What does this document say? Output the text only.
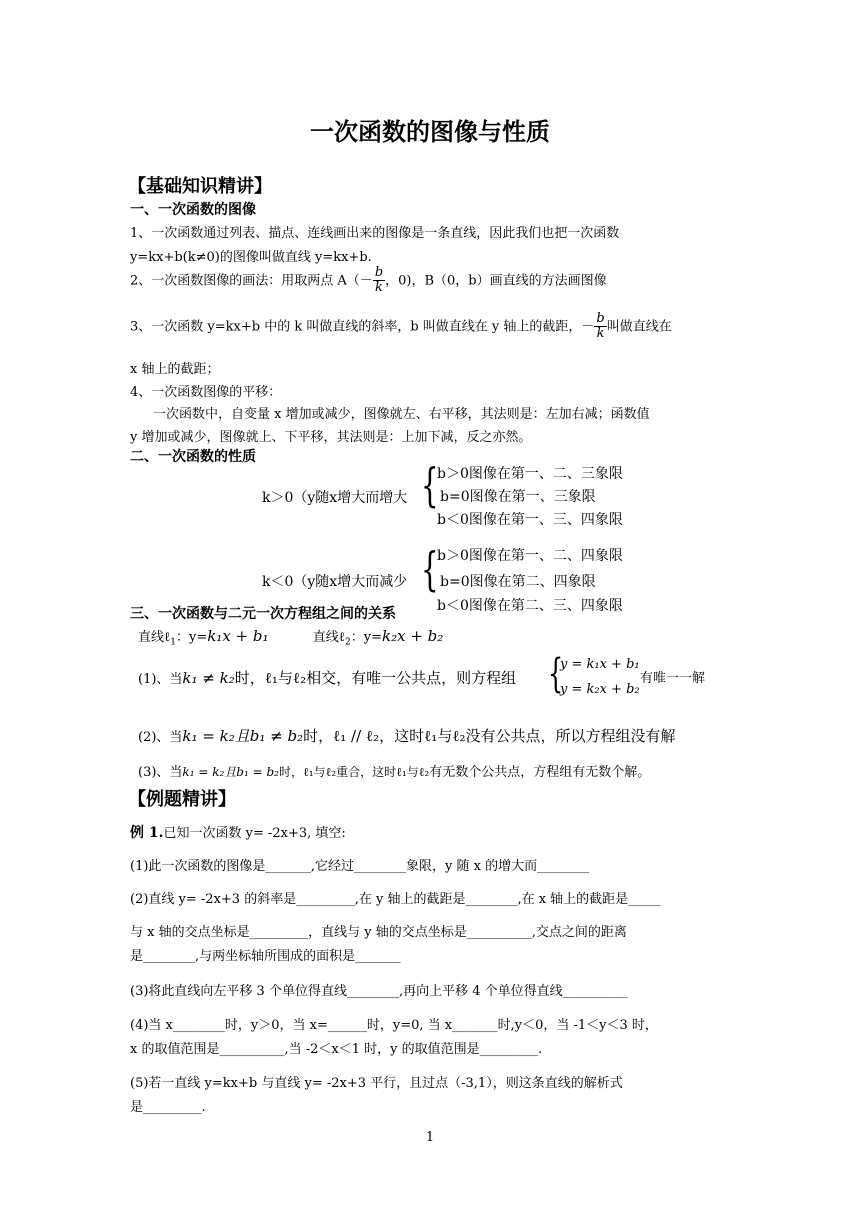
一次函数的图像与性质
【基础知识精讲】
一、一次函数的图像
1、一次函数通过列表、描点、连线画出来的图像是一条直线，因此我们也把一次函数
y=kx+b(k≠0)的图像叫做直线 y=kx+b.
2、一次函数图像的画法：用取两点 $A(- \frac{b}{k}$ ，0)，B（0，b）画直线的方法画图像
3、一次函数 y=kx+b 中的 k 叫做直线的斜率，b 叫做直线在 y 轴上的截距，－ $\frac{b}{k}$ 叫做直线在
x 轴上的截距；
4、一次函数图像的平移：
一次函数中，自变量 x 增加或减少，图像就左、右平移，其法则是：左加右减；函数值
y 增加或减少，图像就上、下平移，其法则是：上加下减，反之亦然。
二、一次函数的性质
k＞0（y随x增大而增大 {
b＞0图像在第一、二、三象限
b=0图像在第一、三象限
b＜0图像在第一、三、四象限
k＜0（y随x增大而减少 {
b＞0图像在第一、二、四象限
b=0图像在第二、四象限
b＜0图像在第二、三、四象限
三、一次函数与二元一次方程组之间的关系
直线ℓ$_1$：y=k₁x + b₁	直线ℓ$_2$：y=k₂x + b₂
(1)、当k₁ ≠ k₂时，ℓ₁与ℓ₂相交，有唯一公共点，则方程组 {
y = k₁x + b₁
y = k₂x + b₂
有唯一一解
(2)、当k₁ = k₂且b₁ ≠ b₂时，ℓ₁ // ℓ₂，这时ℓ₁与ℓ₂没有公共点，所以方程组没有解
(3)、当k₁ = k₂且b₁ = b₂时，ℓ₁与ℓ₂重合，这时ℓ₁与ℓ₂有无数个公共点，方程组有无数个解。
【例题精讲】
例 1.已知一次函数 y= -2x+3, 填空:
(1)此一次函数的图像是_______,它经过________象限，y 随 x 的增大而________
(2)直线 y= -2x+3 的斜率是_________,在 y 轴上的截距是________,在 x 轴上的截距是_____
与 x 轴的交点坐标是_________，直线与 y 轴的交点坐标是__________,交点之间的距离
是________,与两坐标轴所围成的面积是_______
(3)将此直线向左平移 3 个单位得直线________,再向上平移 4 个单位得直线__________
(4)当 x________时，y＞0，当 x=______时，y=0, 当 x_______时,y＜0，当 -1＜y＜3 时，
x 的取值范围是__________,当 -2＜x＜1 时，y 的取值范围是_________.
(5)若一直线 y=kx+b 与直线 y= -2x+3 平行，且过点（-3,1），则这条直线的解析式
是_________.
1
